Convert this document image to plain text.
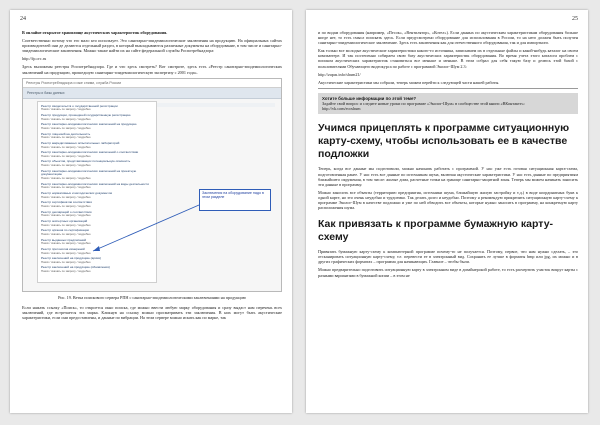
24

В онлайне открытое хранилище акустических характеристик оборудования.

Соответственно потому что его мало кто использует. Это санитарно-эпидемиологические заключения на продукцию. На официальных сайтах производителей они де делаются отдельный раздел, в который выкладываются различные документы на оборудование, в том числе и санитарно-эпидемиологические заключения. Можно также найти их на сайте федеральной службы Роспотребнадзора:

http://fp.crc.ru

Здесь выложены реестры Роспотребнадзора. Где и что здесь смотреть? Вот смотрите, здесь есть «Реестр санитарно-эпидемиологических заключений на продукцию, прошедшую санитарно-эпидемиологическую экспертизу с 2001 года».

Реестры Роспотребнадзора и иже сними, служба России
Реестры и базы данных
Реестр свидетельств о государственной регистрации
Поиск / скачать по запросу / подробно
Реестр продукции, прошедшей государственную регистрацию
Поиск / скачать по запросу / подробно
Реестр санитарно-эпидемиологических заключений на продукцию
Поиск / скачать по запросу / подробно
Реестр лицензий на деятельность
Поиск / скачать по запросу / подробно
Реестр аккредитованных испытательных лабораторий
Поиск / скачать по запросу / подробно
Реестр санитарно-эпидемиологических заключений о соответствии
Поиск / скачать по запросу / подробно
Реестр объектов, представляющих потенциальную опасность
Поиск / скачать по запросу / подробно
Реестр санитарно-эпидемиологических заключений на проектную документацию
Поиск / скачать по запросу / подробно
Реестр санитарно-эпидемиологических заключений на виды деятельности
Поиск / скачать по запросу / подробно
Реестр нормативных и методических документов
Поиск / скачать по запросу / подробно
Реестр сертификатов соответствия
Поиск / скачать по запросу / подробно
Реестр деклараций о соответствии
Поиск / скачать по запросу / подробно
Реестр экспертных организаций
Поиск / скачать по запросу / подробно
Реестр органов по сертификации
Поиск / скачать по запросу / подробно
Реестр выданных предписаний
Поиск / скачать по запросу / подробно
Реестр протоколов измерений
Поиск / скачать по запросу / подробно
Реестр заключений на продукцию (архив)
Поиск / скачать по запросу / подробно
Реестр заключений на продукцию (обновления)
Поиск / скачать по запросу / подробно
Заключения на оборудование надо в этом разделе

Рис. 19. Ветка поискового сервера РПН с санитарно-эпидемиологическими заключениями на продукцию

Если нажать ссылку «Поиск», то откроется окно поиска, где можно ввести любую марку оборудования и сразу выдаст нам перечень всех заключений, где встречается эта марка. Кликнув на ссылку можно просматривать эти заключения. В них могут быть акустические характеристики, если они предоставлены, и данные по вибрации. На этом сервере можно искать как по марке, так

25

и по видам оборудования (например, «Песок», «Вентилятор», «Котел»). Если данных по акустическим характеристикам оборудования больше нигде нет, то есть смысл поискать здесь. Если предусмотрено оборудование для использования в России, то на него должен быть получен санитарно-эпидемиологическое заключение. Здесь есть заключения как для отечественного оборудования, так и для импортного.

Как только все молодые акустические характеристики какого-то источника, записываем их в отдельные файлы и какой-нибудь каталог на своем компьютере. И так постепенно собираем свою базу акустических характеристик оборудования. Во время учета этого каталога проблем с поиском акустических характеристик становиться все меньше и меньше. В этом собрал для себя такую базу и делюсь этой базой с пользователями Обучающего видеокурса по работе с программой Эколог-Шум 2.3:

http://zapas.info/shum21/

Акустические характеристики мы собрали, теперь можем перейти к следующей части нашей работы.

Хотите больше информации по этой теме?
Задайте свой вопрос и следите новые уроки по программе «Эколог-Шум» в сообществе этой книги «ВКонтакте»:
http://vk.com/ecoshum
Учимся прицеплять к программе ситуационную карту-схему, чтобы использовать ее в качестве подложки

Теперь, когда все данные мы подготовили, можно начинать работать с программой. У нас уже есть готовая ситуационная карта-схема, подготовленная ранее. У нас есть все данные по источникам шума, включая акустические характеристики. У нас есть данные по предприятиям ближайшего окружения, в том числе: жилые дома, расчетные точки на границе санитарно-защитной зоны. Теперь мы можем начинать заносить эти данные в программу.

Можно заносить все объекты (территорию предприятия, источники шума, ближайшую жилую застройку и т.д.) в виде координатных букв к одной карте, но это очень неудобно и трудоемко. Так делать долго и неудобно. Поэтому я рекомендую прикрепить ситуационную карту-схему к программе Эколог-Шум в качестве подложки и уже по ней обводить все объекты, которые нужно заносить в программу, на конкретную карту расположения шума.

Как привязать к программе бумажную карту-схему

Привязать бумажную карту-схему к компьютерной программе почему-то не получается. Поэтому, первое, что нам нужно сделать, – это отсканировать ситуационную карту-схему, т.е. перевести ее в электронный вид. Сохранять ее лучше в форматы bmp или jpg, их можно и в других графических форматах – программа для начинающих. Главное – чтобы были.

Можно предварительно подготовить ситуационную карту в электронном виде в дизайнерской работе, то есть расчертить участок вокруг карты с разными вариантами в бумажной копии – в этом не
